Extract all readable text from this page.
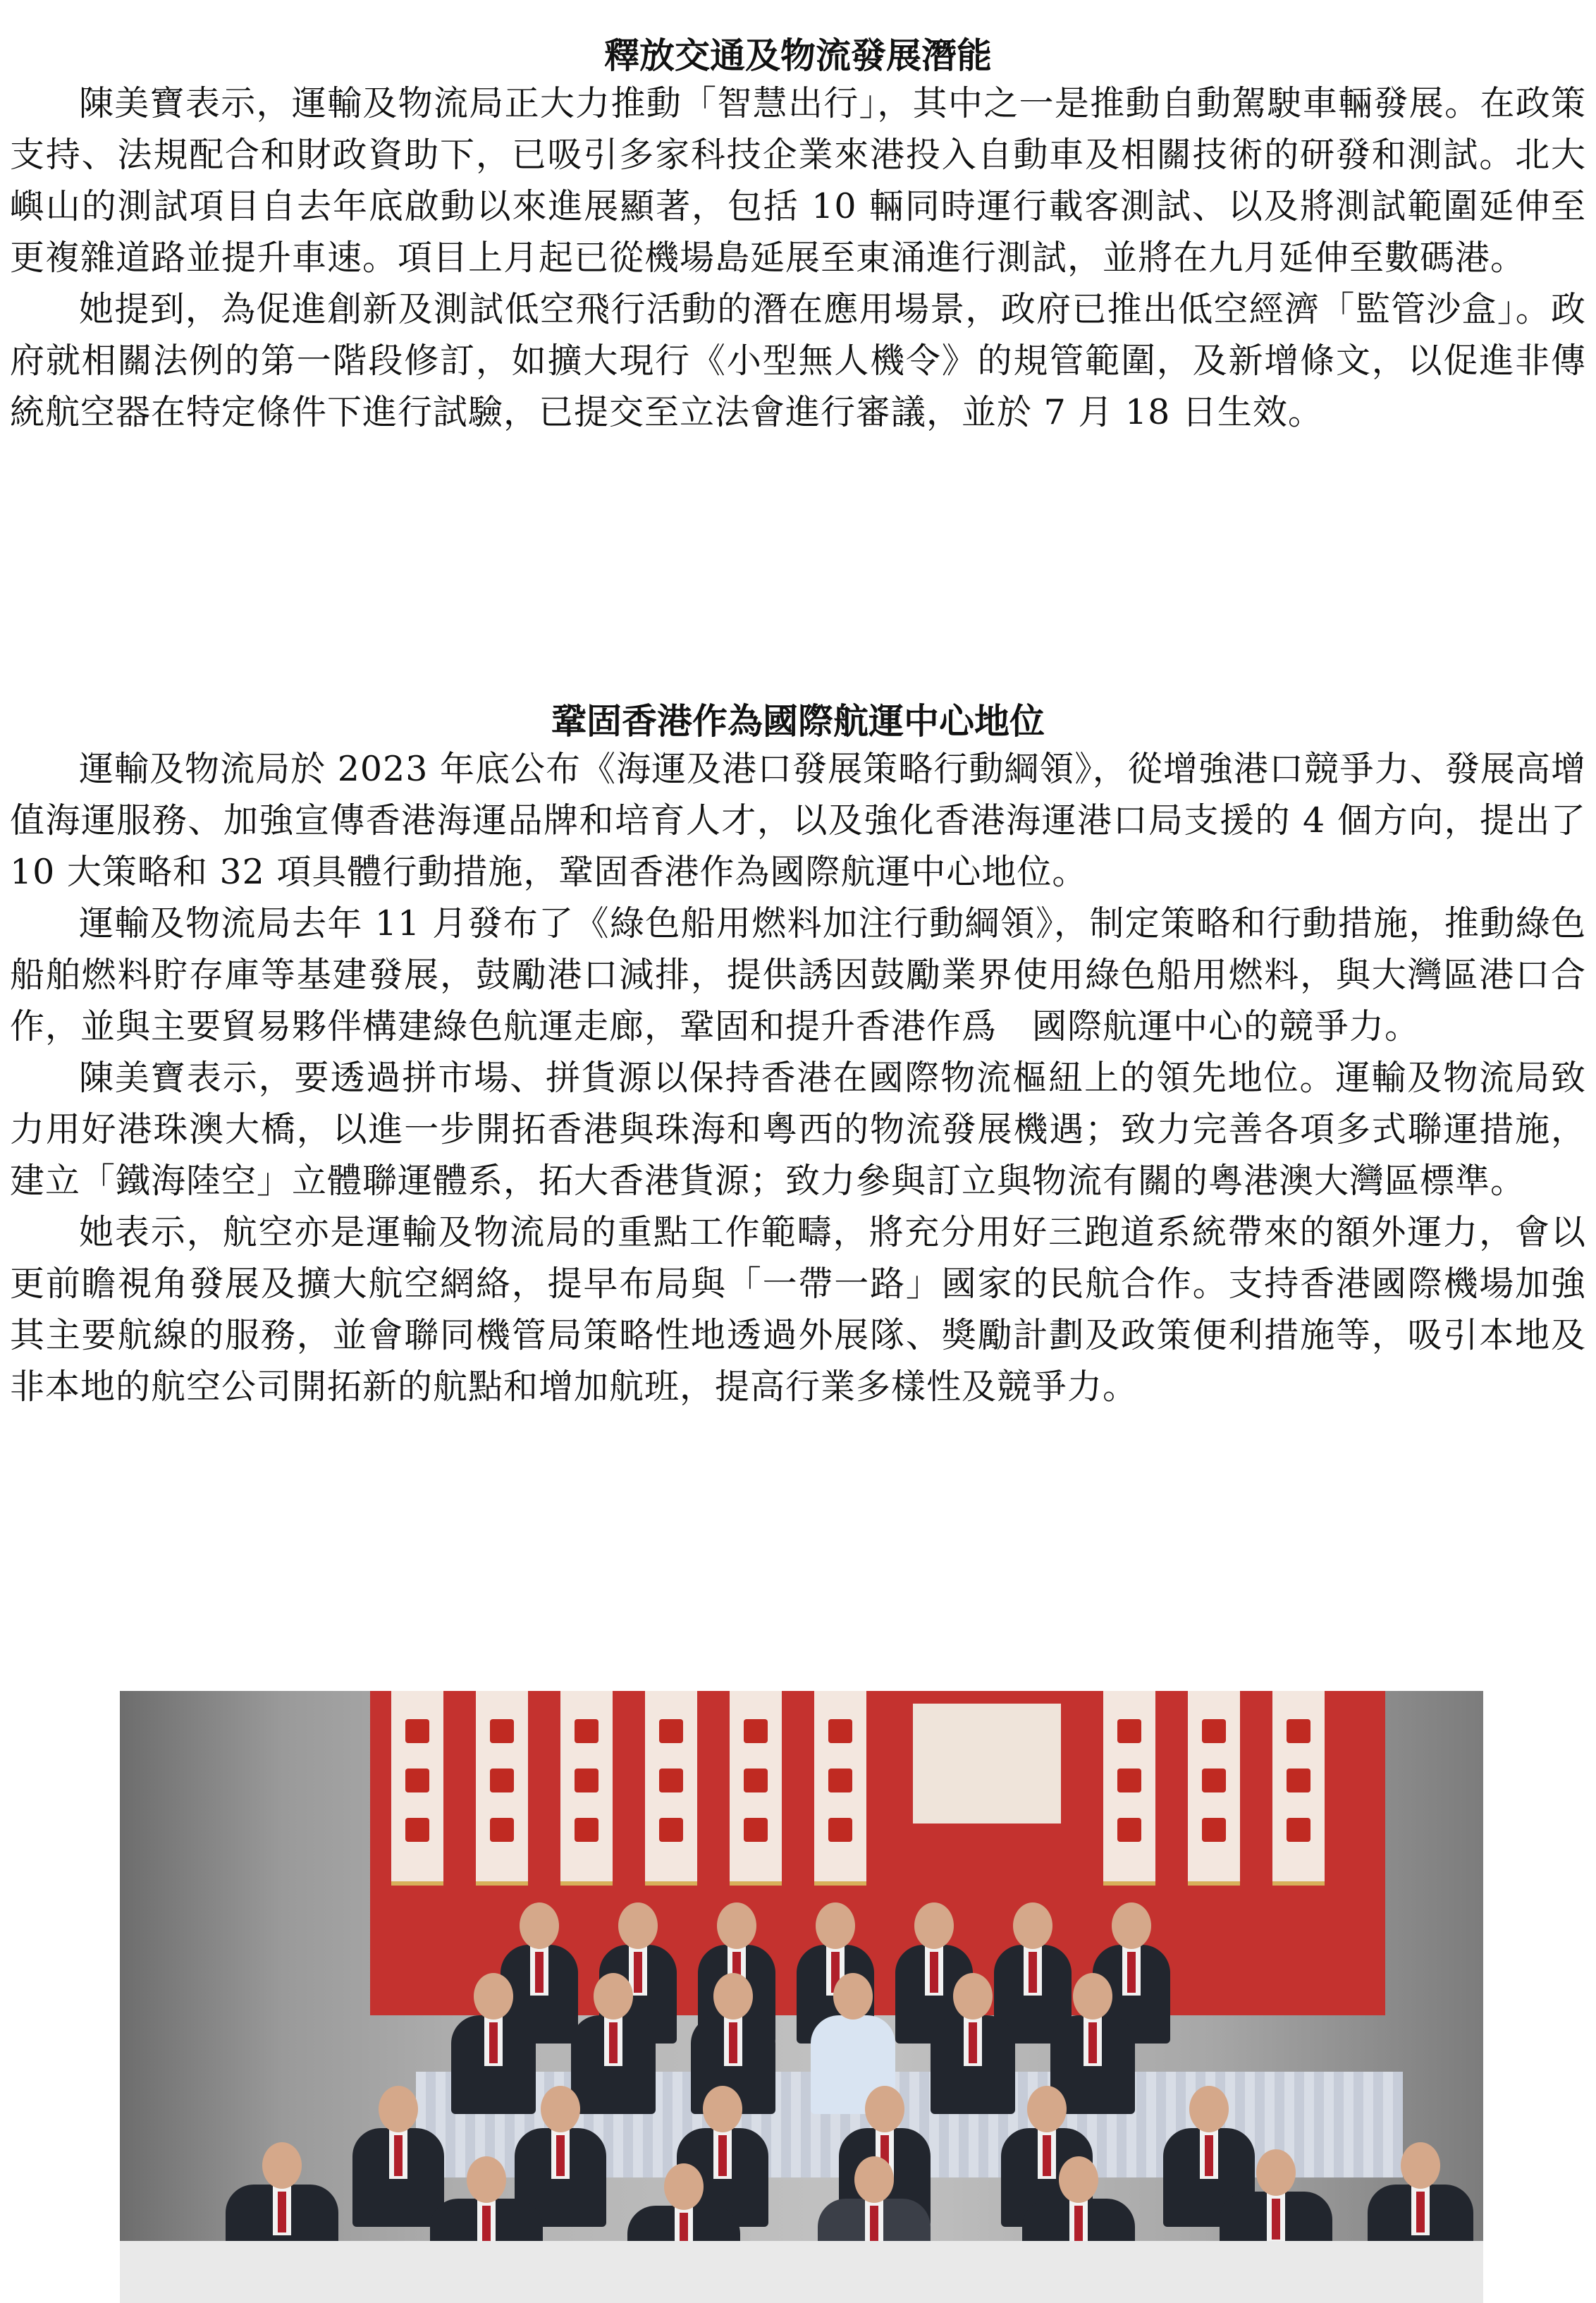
釋放交通及物流發展潛能

陳美寶表示，運輸及物流局正大力推動「智慧出行」，其中之一是推動自動駕駛車輛發展。在政策支持、法規配合和財政資助下，已吸引多家科技企業來港投入自動車及相關技術的研發和測試。北大嶼山的測試項目自去年底啟動以來進展顯著，包括 10 輛同時運行載客測試、以及將測試範圍延伸至更複雜道路並提升車速。項目上月起已從機場島延展至東涌進行測試，並將在九月延伸至數碼港。

她提到，為促進創新及測試低空飛行活動的潛在應用場景，政府已推出低空經濟「監管沙盒」。政府就相關法例的第一階段修訂，如擴大現行《小型無人機令》的規管範圍，及新增條文，以促進非傳統航空器在特定條件下進行試驗，已提交至立法會進行審議，並於 7 月 18 日生效。

鞏固香港作為國際航運中心地位

運輸及物流局於 2023 年底公布《海運及港口發展策略行動綱領》，從增強港口競爭力、發展高增值海運服務、加強宣傳香港海運品牌和培育人才，以及強化香港海運港口局支援的 4 個方向，提出了 10 大策略和 32 項具體行動措施，鞏固香港作為國際航運中心地位。

運輸及物流局去年 11 月發布了《綠色船用燃料加注行動綱領》，制定策略和行動措施，推動綠色船舶燃料貯存庫等基建發展，鼓勵港口減排，提供誘因鼓勵業界使用綠色船用燃料，與大灣區港口合作，並與主要貿易夥伴構建綠色航運走廊，鞏固和提升香港作爲　國際航運中心的競爭力。

陳美寶表示，要透過拼市場、拼貨源以保持香港在國際物流樞紐上的領先地位。運輸及物流局致力用好港珠澳大橋，以進一步開拓香港與珠海和粵西的物流發展機遇；致力完善各項多式聯運措施，建立「鐵海陸空」立體聯運體系，拓大香港貨源；致力參與訂立與物流有關的粵港澳大灣區標準。

她表示，航空亦是運輸及物流局的重點工作範疇，將充分用好三跑道系統帶來的額外運力，會以更前瞻視角發展及擴大航空網絡，提早布局與「一帶一路」國家的民航合作。支持香港國際機場加強其主要航線的服務，並會聯同機管局策略性地透過外展隊、獎勵計劃及政策便利措施等，吸引本地及非本地的航空公司開拓新的航點和增加航班，提高行業多樣性及競爭力。
